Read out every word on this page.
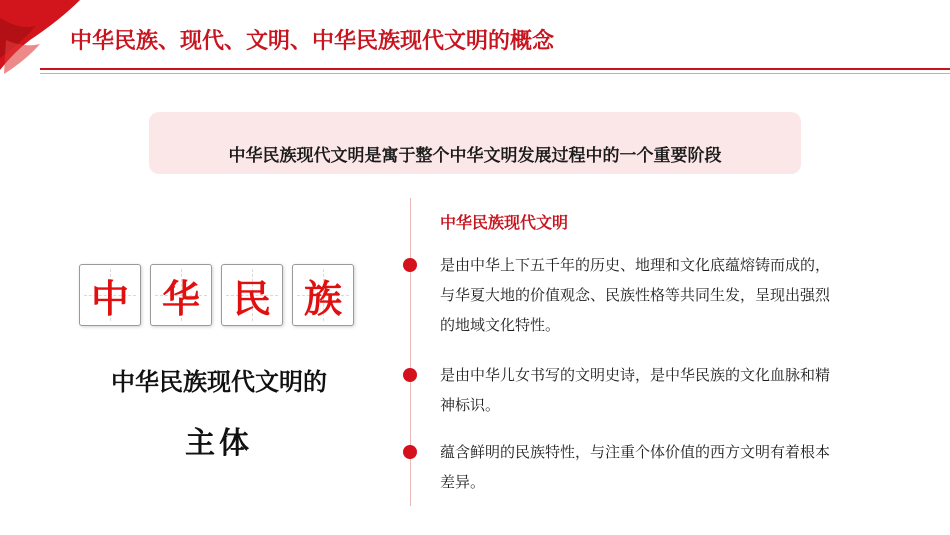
中华民族、现代、文明、中华民族现代文明的概念
中华民族现代文明是寓于整个中华文明发展过程中的一个重要阶段
中 华 民 族
中华民族现代文明的
主体
中华民族现代文明
是由中华上下五千年的历史、地理和文化底蕴熔铸而成的，与华夏大地的价值观念、民族性格等共同生发，呈现出强烈的地域文化特性。
是由中华儿女书写的文明史诗，是中华民族的文化血脉和精神标识。
蕴含鲜明的民族特性，与注重个体价值的西方文明有着根本差异。
